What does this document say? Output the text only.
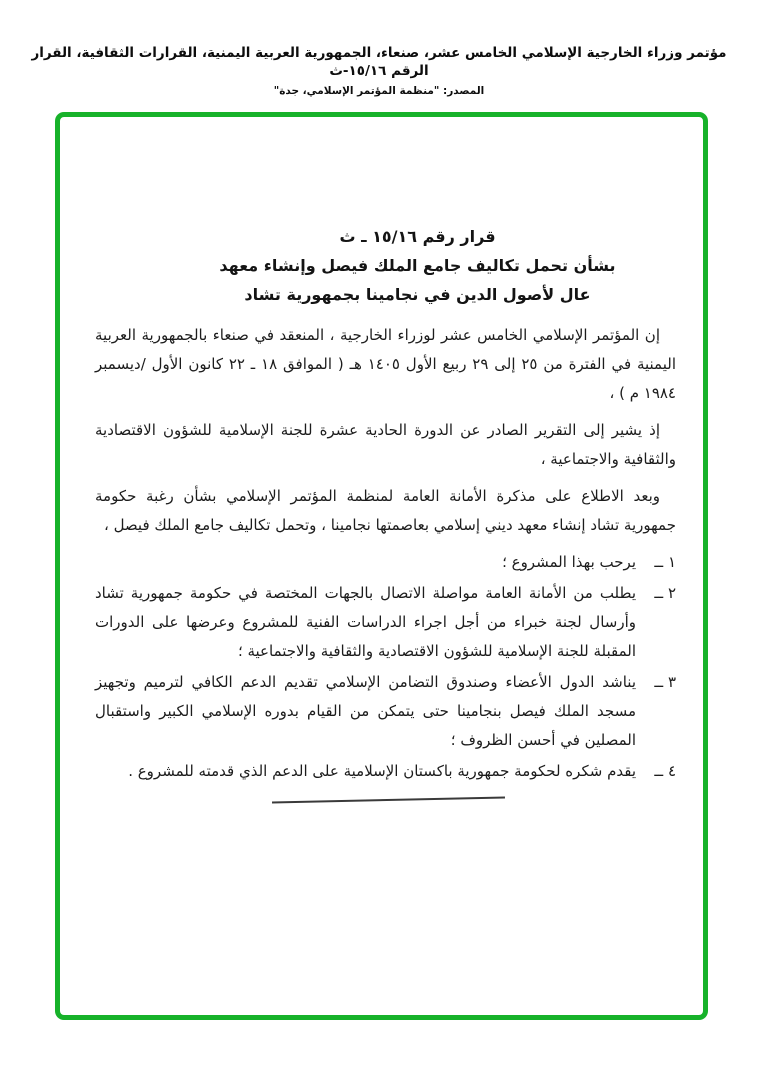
مؤتمر وزراء الخارجية الإسلامي الخامس عشر، صنعاء، الجمهورية العربية اليمنية، القرارات الثقافية، القرار الرقم ١٥/١٦-ث
المصدر: "منظمة المؤتمر الإسلامي، جدة"
قرار رقم ١٥/١٦ ـ ث
بشأن تحمل تكاليف جامع الملك فيصل وإنشاء معهد
عال لأصول الدين في نجامينا بجمهورية تشاد

إن المؤتمر الإسلامي الخامس عشر لوزراء الخارجية ، المنعقد في صنعاء بالجمهورية العربية اليمنية في الفترة من ٢٥ إلى ٢٩ ربيع الأول ١٤٠٥ هـ ( الموافق ١٨ ـ ٢٢ كانون الأول /ديسمبر ١٩٨٤ م ) ،

إذ يشير إلى التقرير الصادر عن الدورة الحادية عشرة للجنة الإسلامية للشؤون الاقتصادية والثقافية والاجتماعية ،

وبعد الاطلاع على مذكرة الأمانة العامة لمنظمة المؤتمر الإسلامي بشأن رغبة حكومة جمهورية تشاد إنشاء معهد ديني إسلامي بعاصمتها نجامينا ، وتحمل تكاليف جامع الملك فيصل ،

١ ــ
يرحب بهذا المشروع ؛
٢ ــ
يطلب من الأمانة العامة مواصلة الاتصال بالجهات المختصة في حكومة جمهورية تشاد وأرسال لجنة خبراء من أجل اجراء الدراسات الفنية للمشروع وعرضها على الدورات المقبلة للجنة الإسلامية للشؤون الاقتصادية والثقافية والاجتماعية ؛
٣ ــ
يناشد الدول الأعضاء وصندوق التضامن الإسلامي تقديم الدعم الكافي لترميم وتجهيز مسجد الملك فيصل بنجامينا حتى يتمكن من القيام بدوره الإسلامي الكبير واستقبال المصلين في أحسن الظروف ؛
٤ ــ
يقدم شكره لحكومة جمهورية باكستان الإسلامية على الدعم الذي قدمته للمشروع .
